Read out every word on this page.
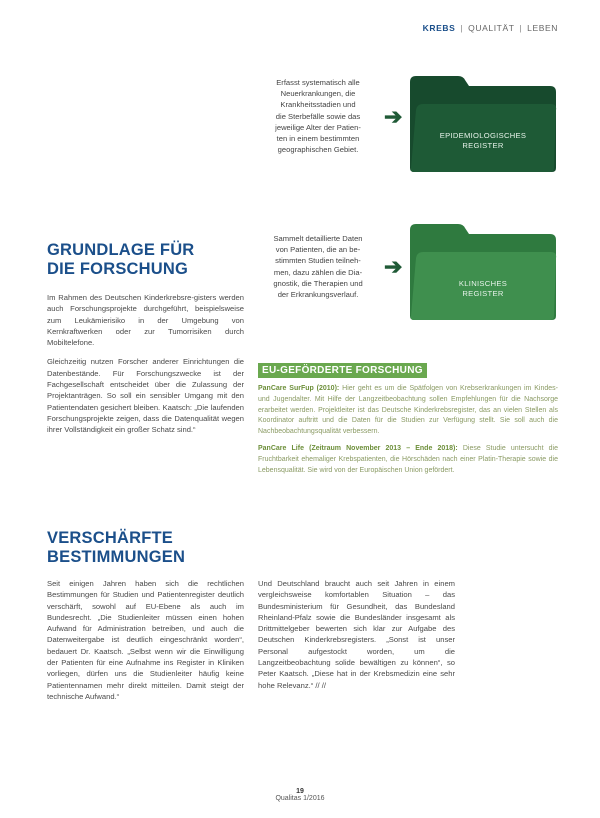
KREBS | QUALITÄT | LEBEN
Erfasst systematisch alle
Neuerkrankungen, die
Krankheitsstadien und
die Sterbefälle sowie das
jeweilige Alter der Patien-
ten in einem bestimmten
geographischen Gebiet.
➔
EPIDEMIOLOGISCHES
REGISTER
Sammelt detaillierte Daten
von Patienten, die an be-
stimmten Studien teilneh-
men, dazu zählen die Dia-
gnostik, die Therapien und
der Erkrankungsverlauf.
➔
KLINISCHES
REGISTER
GRUNDLAGE FÜR
DIE FORSCHUNG

Im Rahmen des Deutschen Kinderkrebsre-gisters werden auch Forschungsprojekte durchgeführt, beispielsweise zum Leukämierisiko in der Umgebung von Kernkraftwerken oder zur Tumorrisiken durch Mobiltelefone.

Gleichzeitig nutzen Forscher anderer Einrichtungen die Datenbestände. Für Forschungszwecke ist der Fachgesellschaft entscheidet über die Zulassung der Projektanträgen. So soll ein sensibler Umgang mit den Patientendaten gesichert bleiben. Kaatsch: „Die laufenden Forschungsprojekte zeigen, dass die Datenqualität wegen ihrer Vollständigkeit ein großer Schatz sind.“

EU-GEFÖRDERTE FORSCHUNG

PanCare SurFup (2010): Hier geht es um die Spätfolgen von Krebserkrankungen im Kindes- und Jugendalter. Mit Hilfe der Langzeitbeobachtung sollen Empfehlungen für die Nachsorge erarbeitet werden. Projektleiter ist das Deutsche Kinderkrebsregister, das an vielen Stellen als Koordinator auftritt und die Daten für die Studien zur Verfügung stellt. Sie soll auch die Nachbeobachtungsqualität verbessern.

PanCare Life (Zeitraum November 2013 – Ende 2018): Diese Studie untersucht die Fruchtbarkeit ehemaliger Krebspatienten, die Hörschäden nach einer Platin-Therapie sowie die Lebensqualität. Sie wird von der Europäischen Union gefördert.

VERSCHÄRFTE
BESTIMMUNGEN

Seit einigen Jahren haben sich die rechtlichen Bestimmungen für Studien und Patientenregister deutlich verschärft, sowohl auf EU-Ebene als auch im Bundesrecht. „Die Studienleiter müssen einen hohen Aufwand für Administration betreiben, und auch die Datenweitergabe ist deutlich eingeschränkt worden“, bedauert Dr. Kaatsch. „Selbst wenn wir die Einwilligung der Patienten für eine Aufnahme ins Register in Kliniken vorliegen, dürfen uns die Studienleiter häufig keine Patientennamen mehr direkt mitteilen. Damit steigt der technische Aufwand.“

Und Deutschland braucht auch seit Jahren in einem vergleichsweise komfortablen Situation – das Bundesministerium für Gesundheit, das Bundesland Rheinland-Pfalz sowie die Bundesländer insgesamt als Drittmittelgeber bewerten sich klar zur Aufgabe des Deutschen Kinderkrebsregisters. „Sonst ist unser Personal aufgestockt worden, um die Langzeitbeobachtung solide bewältigen zu können“, so Peter Kaatsch. „Diese hat in der Krebsmedizin eine sehr hohe Relevanz.“ // //

19
Qualitas 1/2016
